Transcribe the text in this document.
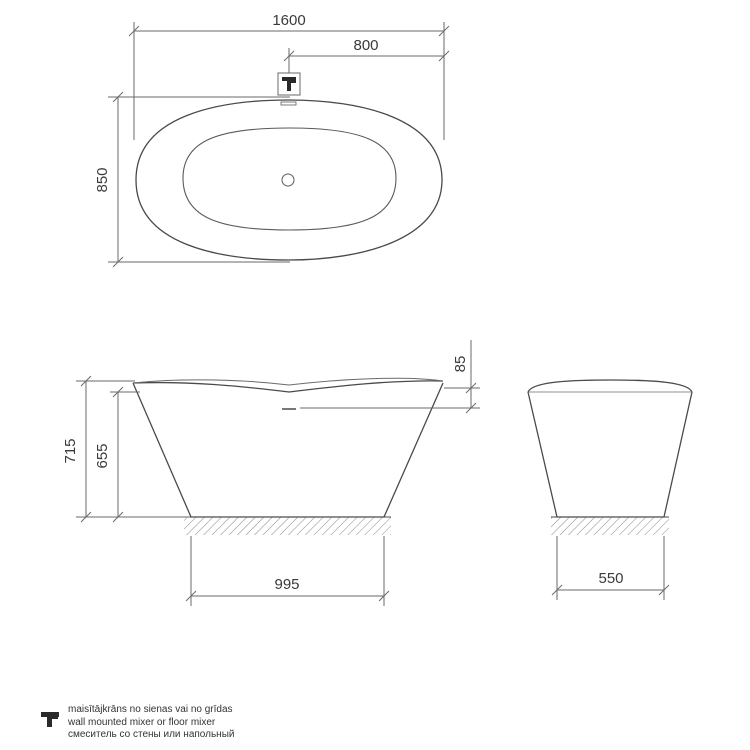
1600
800
850
715 655
85
995	550
maisītājkrāns no sienas vai no grīdas
wall mounted mixer or floor mixer
смеситель со стены или напольный
